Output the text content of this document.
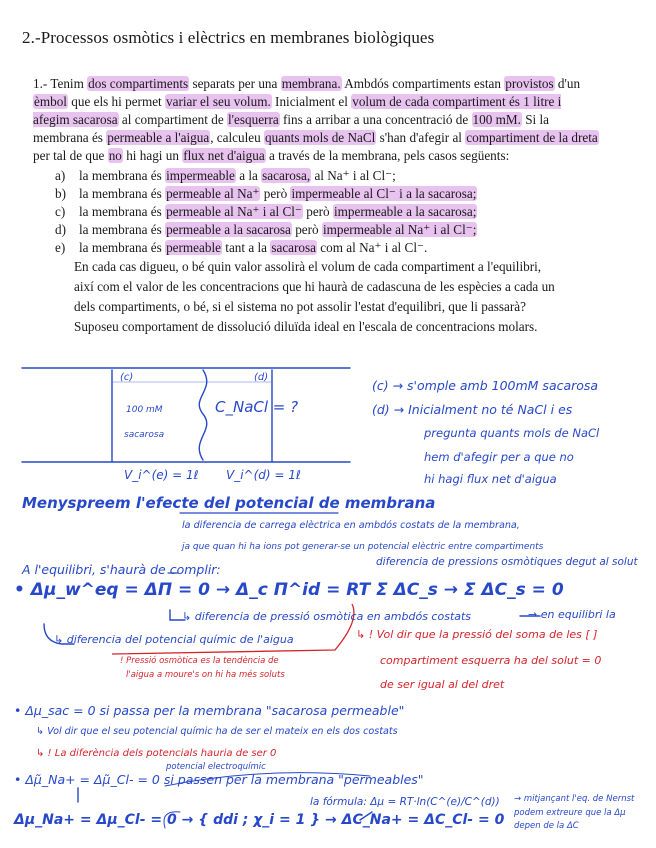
2.-Processos osmòtics i elèctrics en membranes biològiques

1.- Tenim dos compartiments separats per una membrana. Ambdós compartiments estan provistos d'un èmbol que els hi permet variar el seu volum. Inicialment el volum de cada compartiment és 1 litre i afegim sacarosa al compartiment de l'esquerra fins a arribar a una concentració de 100 mM. Si la membrana és permeable a l'aigua, calculeu quants mols de NaCl s'han d'afegir al compartiment de la dreta per tal de que no hi hagi un flux net d'aigua a través de la membrana, pels casos següents:

a)	la membrana és impermeable a la sacarosa, al Na⁺ i al Cl⁻;
b) la membrana és permeable al Na⁺ però impermeable al Cl⁻ i a la sacarosa;
c)	la membrana és permeable al Na⁺ i al Cl⁻ però impermeable a la sacarosa;
d) la membrana és permeable a la sacarosa però impermeable al Na⁺ i al Cl⁻;
e)	la membrana és permeable tant a la sacarosa com al Na⁺ i al Cl⁻.

En cada cas digueu, o bé quin valor assolirà el volum de cada compartiment a l'equilibri,

així com el valor de les concentracions que hi haurà de cadascuna de les espècies a cada un

dels compartiments, o bé, si el sistema no pot assolir l'estat d'equilibri, que li passarà?

Suposeu comportament de dissolució diluïda ideal en l'escala de concentracions molars.

(c)	(d)
100 mM
sacarosa
C_NaCl = ?
V_i^(e) = 1ℓ V_i^(d) = 1ℓ
(c) → s'omple amb 100mM sacarosa
(d) → Inicialment no té NaCl i es
pregunta quants mols de NaCl
hem d'afegir per a que no
hi hagi flux net d'aigua
Menyspreem l'efecte del potencial de membrana
la diferencia de carrega elèctrica en ambdós costats de la membrana,
ja que quan hi ha ions pot generar-se un potencial elèctric entre compartiments
A l'equilibri, s'haurà de complir:	diferencia de pressions osmòtiques degut al solut
• Δμ_w^eq = ΔΠ = 0 → Δ_c Π^id = RT Σ ΔC_s → Σ ΔC_s = 0
↳ diferencia de pressió osmòtica en ambdós costats	→ en equilibri la
↳ diferencia del potencial químic de l'aigua	↳ ! Vol dir que la pressió del soma de les [ ]
compartiment esquerra ha del solut = 0
de ser igual al del dret
! Pressió osmòtica es la tendència de
l'aigua a moure's on hi ha més soluts
• Δμ_sac = 0 si passa per la membrana "sacarosa permeable"
↳ Vol dir que el seu potencial químic ha de ser el mateix en els dos costats
↳ ! La diferència dels potencials hauria de ser 0
potencial electroquímic
• Δμ̃_Na+ = Δμ̃_Cl- = 0 si passen per la membrana "permeables"
la fórmula: Δμ = RT·ln(C^(e)/C^(d)) → mitjançant l'eq. de Nernst
podem extreure que la Δμ
depen de la ΔC
Δμ_Na+ = Δμ_Cl- = 0 → { ddi ; χ_i = 1 } → ΔC_Na+ = ΔC_Cl- = 0
